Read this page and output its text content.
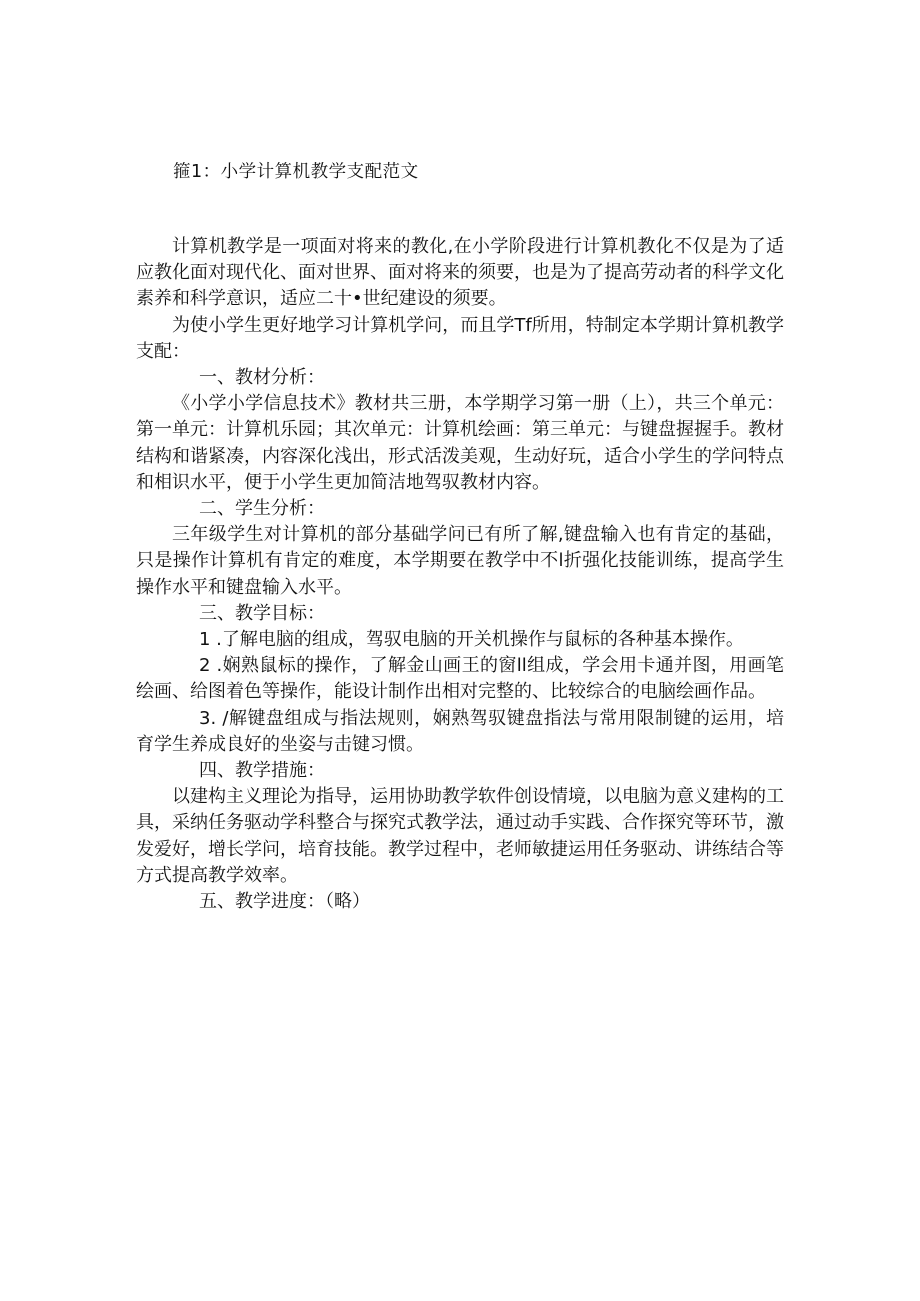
箍1：小学计算机教学支配范文

计算机教学是一项面对将来的教化,在小学阶段进行计算机教化不仅是为了适应教化面对现代化、面对世界、面对将来的须要，也是为了提高劳动者的科学文化素养和科学意识，适应二十•世纪建设的须要。

为使小学生更好地学习计算机学问，而且学Tf所用，特制定本学期计算机教学支配：

一、教材分析：

《小学小学信息技术》教材共三册，本学期学习第一册（上），共三个单元：第一单元：计算机乐园；其次单元：计算机绘画：第三单元：与键盘握握手。教材结构和谐紧凑，内容深化浅出，形式活泼美观，生动好玩，适合小学生的学问特点和相识水平，便于小学生更加简洁地驾驭教材内容。

二、学生分析：

三年级学生对计算机的部分基础学问已有所了解,键盘输入也有肯定的基础，只是操作计算机有肯定的难度，本学期要在教学中不l折强化技能训练，提高学生操作水平和键盘输入水平。

三、教学目标：

1 .了解电脑的组成，驾驭电脑的开关机操作与鼠标的各种基本操作。

2 .娴熟鼠标的操作，了解金山画王的窗ll组成，学会用卡通并图，用画笔绘画、给图着色等操作，能设计制作出相对完整的、比较综合的电脑绘画作品。

3. /解键盘组成与指法规则，娴熟驾驭键盘指法与常用限制键的运用，培育学生养成良好的坐姿与击键习惯。

四、教学措施：

以建构主义理论为指导，运用协助教学软件创设情境，以电脑为意义建构的工具，采纳任务驱动学科整合与探究式教学法，通过动手实践、合作探究等环节，激发爱好，增长学问，培育技能。教学过程中，老师敏捷运用任务驱动、讲练结合等方式提高教学效率。

五、教学进度：（略）
